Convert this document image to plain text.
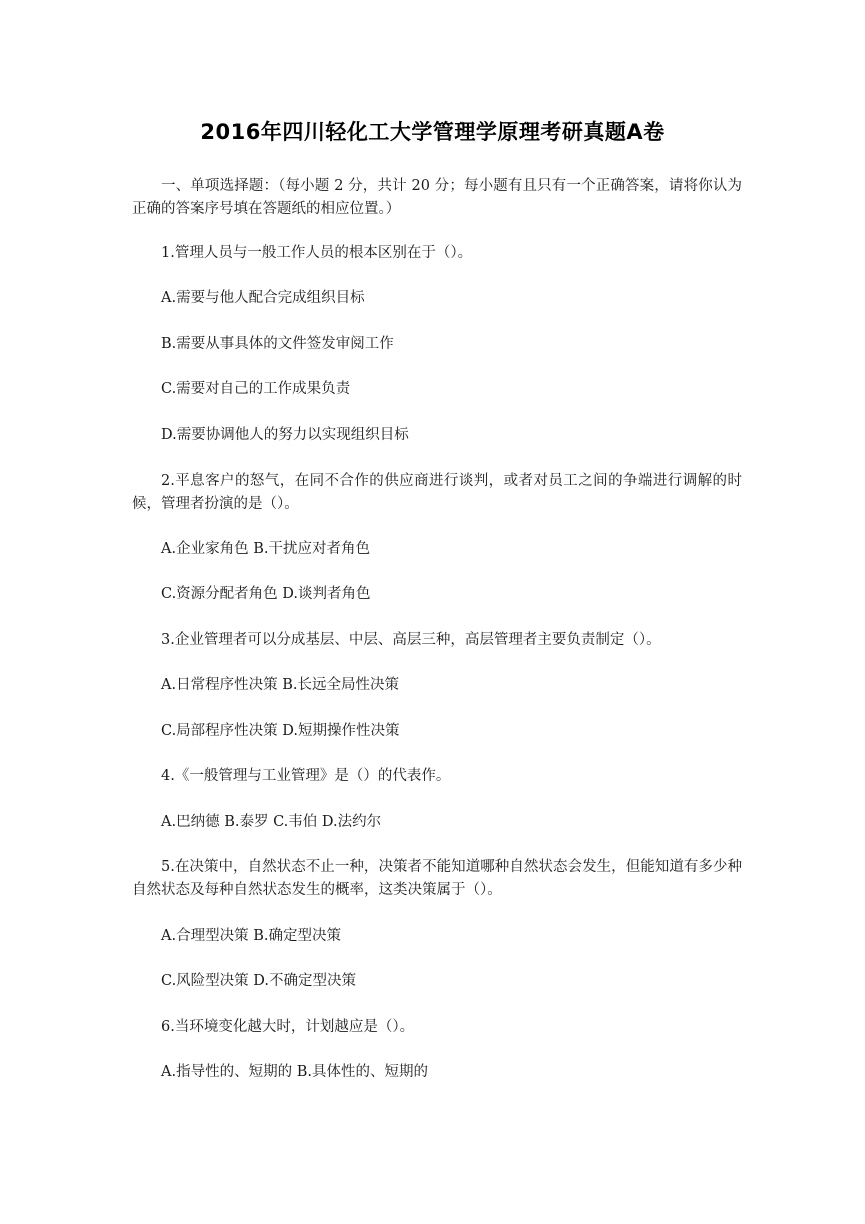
2016年四川轻化工大学管理学原理考研真题A卷
一、单项选择题：（每小题 2 分，共计 20 分；每小题有且只有一个正确答案，请将你认为正确的答案序号填在答题纸的相应位置。）
1.管理人员与一般工作人员的根本区别在于（）。
A.需要与他人配合完成组织目标
B.需要从事具体的文件签发审阅工作
C.需要对自己的工作成果负责
D.需要协调他人的努力以实现组织目标
2.平息客户的怒气，在同不合作的供应商进行谈判，或者对员工之间的争端进行调解的时候，管理者扮演的是（）。
A.企业家角色 B.干扰应对者角色
C.资源分配者角色 D.谈判者角色
3.企业管理者可以分成基层、中层、高层三种，高层管理者主要负责制定（）。
A.日常程序性决策 B.长远全局性决策
C.局部程序性决策 D.短期操作性决策
4.《一般管理与工业管理》是（）的代表作。
A.巴纳德 B.泰罗 C.韦伯 D.法约尔
5.在决策中，自然状态不止一种，决策者不能知道哪种自然状态会发生，但能知道有多少种自然状态及每种自然状态发生的概率，这类决策属于（）。
A.合理型决策 B.确定型决策
C.风险型决策 D.不确定型决策
6.当环境变化越大时，计划越应是（）。
A.指导性的、短期的 B.具体性的、短期的
